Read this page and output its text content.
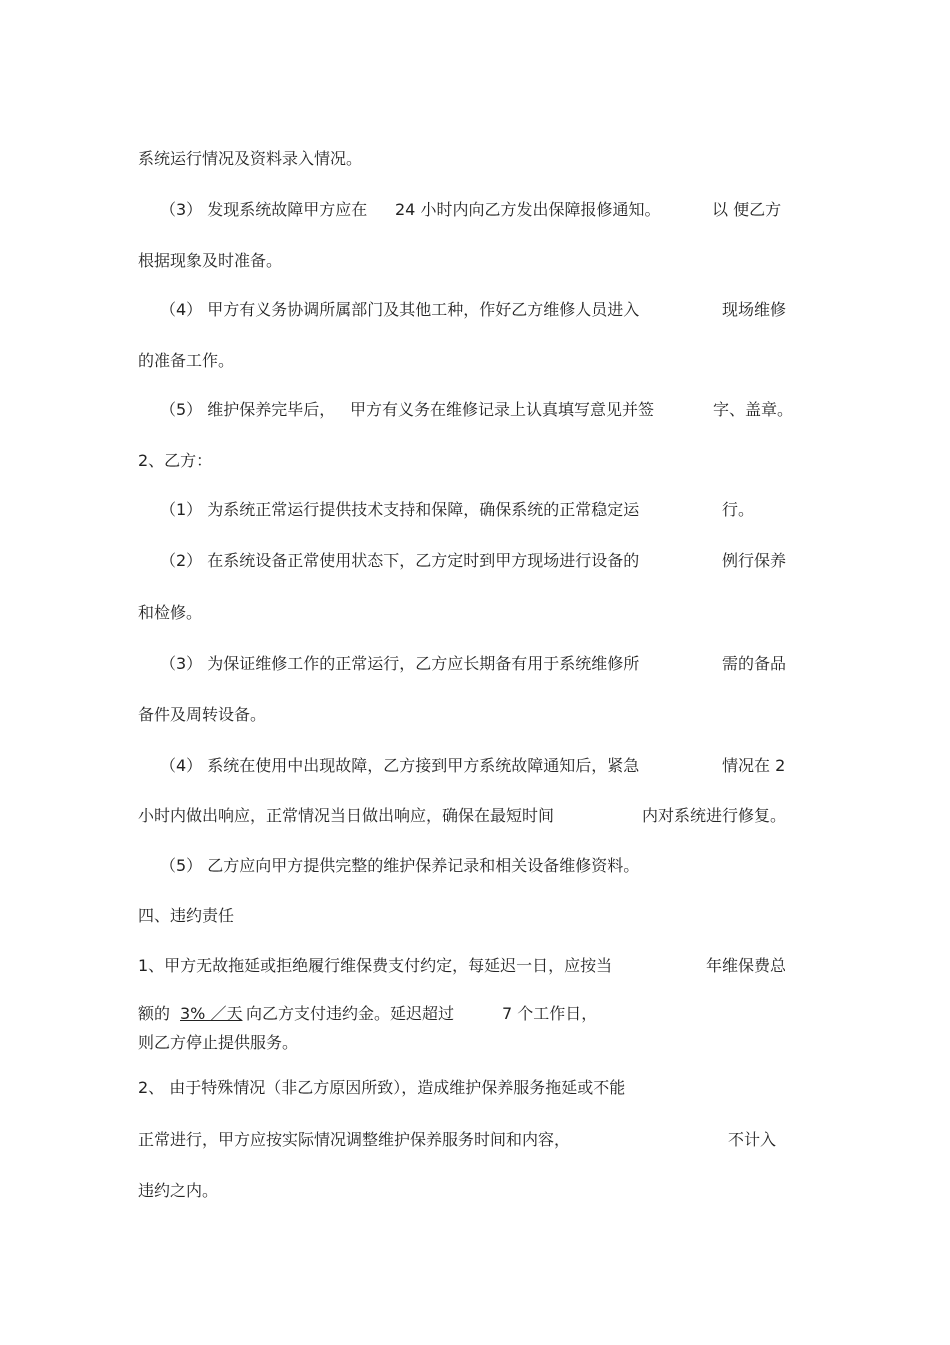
系统运行情况及资料录入情况。
（3） 发现系统故障甲方应在 24 小时内向乙方发出保障报修通知。	以 便乙方
根据现象及时准备。
（4） 甲方有义务协调所属部门及其他工种，作好乙方维修人员进入	现场维修
的准备工作。
（5） 维护保养完毕后， 甲方有义务在维修记录上认真填写意见并签	字、盖章。
2、乙方：
（1） 为系统正常运行提供技术支持和保障，确保系统的正常稳定运	行。
（2） 在系统设备正常使用状态下，乙方定时到甲方现场进行设备的	例行保养
和检修。
（3） 为保证维修工作的正常运行，乙方应长期备有用于系统维修所	需的备品
备件及周转设备。
（4） 系统在使用中出现故障，乙方接到甲方系统故障通知后，紧急	情况在 2
小时内做出响应，正常情况当日做出响应，确保在最短时间	内对系统进行修复。
（5） 乙方应向甲方提供完整的维护保养记录和相关设备维修资料。
四、违约责任
1、甲方无故拖延或拒绝履行维保费支付约定，每延迟一日，应按当	年维保费总
额的 3% ／天 向乙方支付违约金。延迟超过	7 个工作日，
则乙方停止提供服务。
2、 由于特殊情况（非乙方原因所致），造成维护保养服务拖延或不能
正常进行，甲方应按实际情况调整维护保养服务时间和内容，	不计入
违约之内。
